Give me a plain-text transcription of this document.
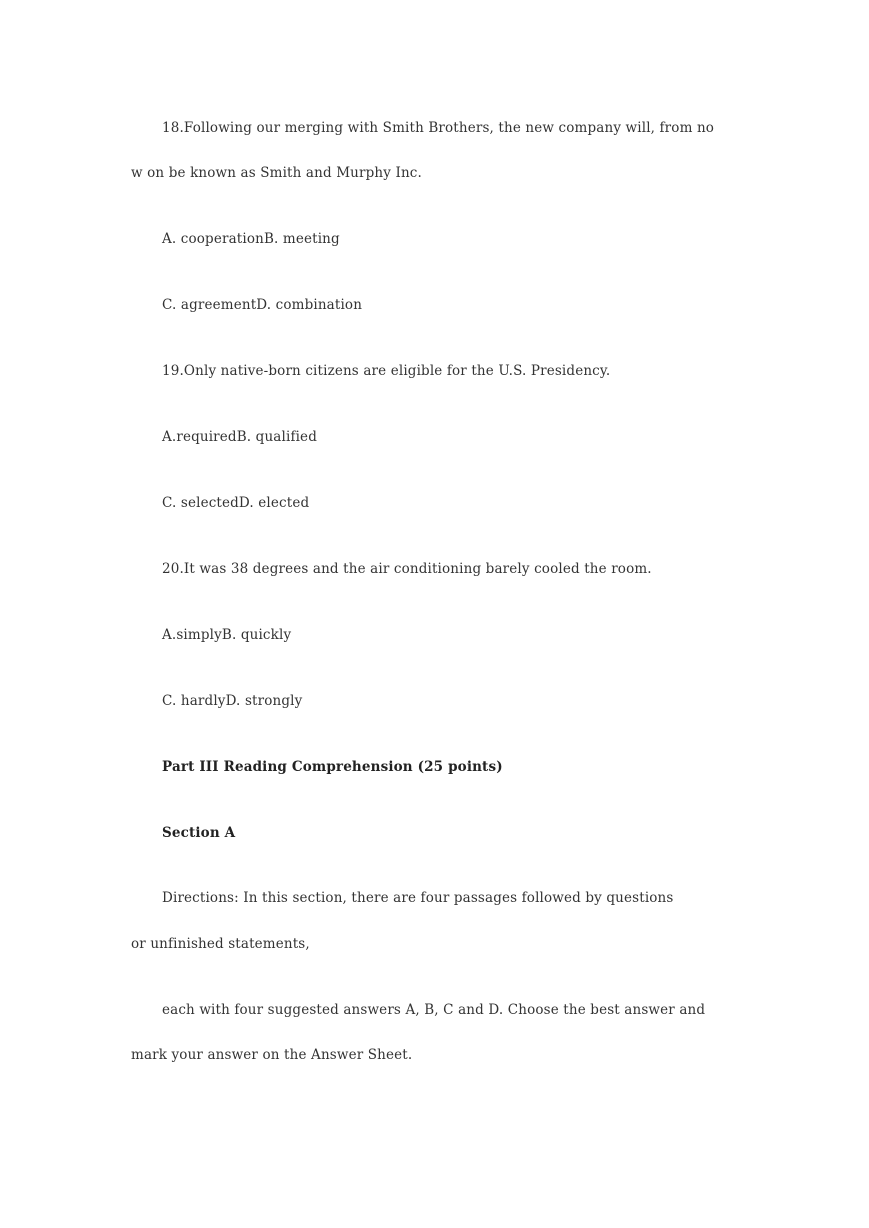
18.Following our merging with Smith Brothers, the new company will, from no
w on be known as Smith and Murphy Inc.
A. cooperationB. meeting
C. agreementD. combination
19.Only native-born citizens are eligible for the U.S. Presidency.
A.requiredB. qualified
C. selectedD. elected
20.It was 38 degrees and the air conditioning barely cooled the room.
A.simplyB. quickly
C. hardlyD. strongly
Part III Reading Comprehension (25 points)
Section A
Directions: In this section, there are four passages followed by questions
or unfinished statements,
each with four suggested answers A, B, C and D. Choose the best answer and
mark your answer on the Answer Sheet.
